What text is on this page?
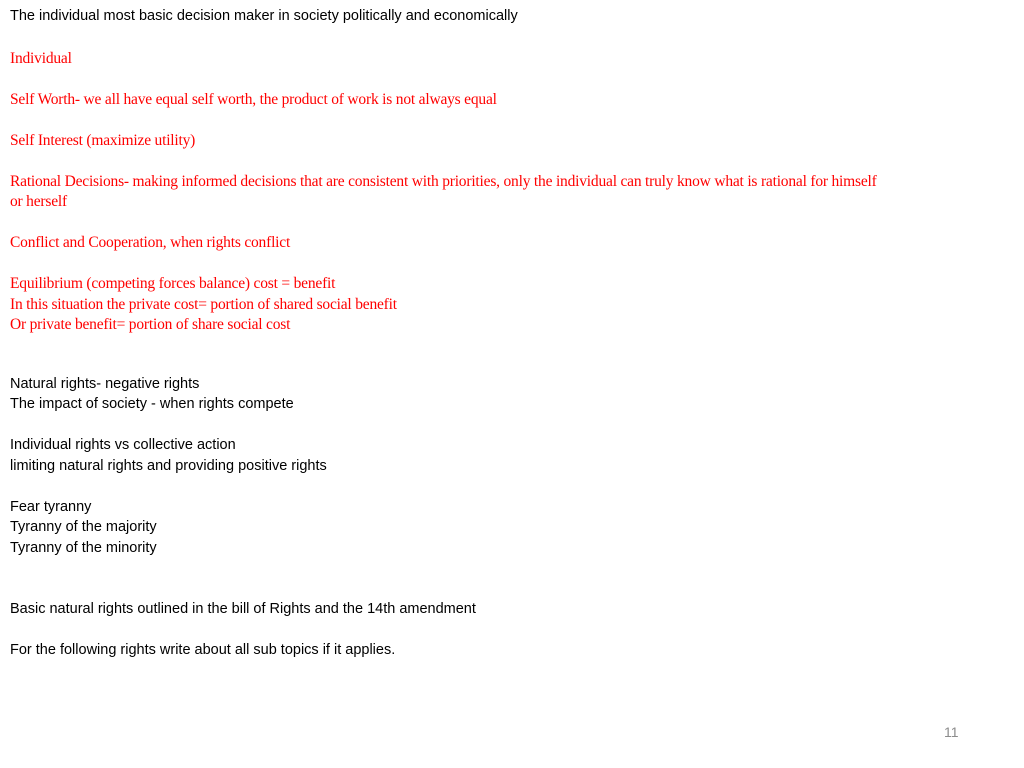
The individual most basic decision maker in society politically and economically
Individual
Self Worth- we all have equal self worth, the product of work is not always equal
Self Interest (maximize utility)
Rational Decisions- making informed decisions that are consistent with priorities, only the individual can truly know what is rational for himself
or herself
Conflict and Cooperation, when rights conflict
Equilibrium (competing forces balance) cost = benefit
In this situation the private cost= portion of shared social benefit
Or private benefit= portion of share social cost
Natural rights- negative rights
The impact of society - when rights compete
Individual rights vs collective action
limiting natural rights and providing positive rights
Fear tyranny
Tyranny of the majority
Tyranny of the minority
Basic natural rights outlined in the bill of Rights and the 14th amendment
For the following rights write about all sub topics if it applies.
11
